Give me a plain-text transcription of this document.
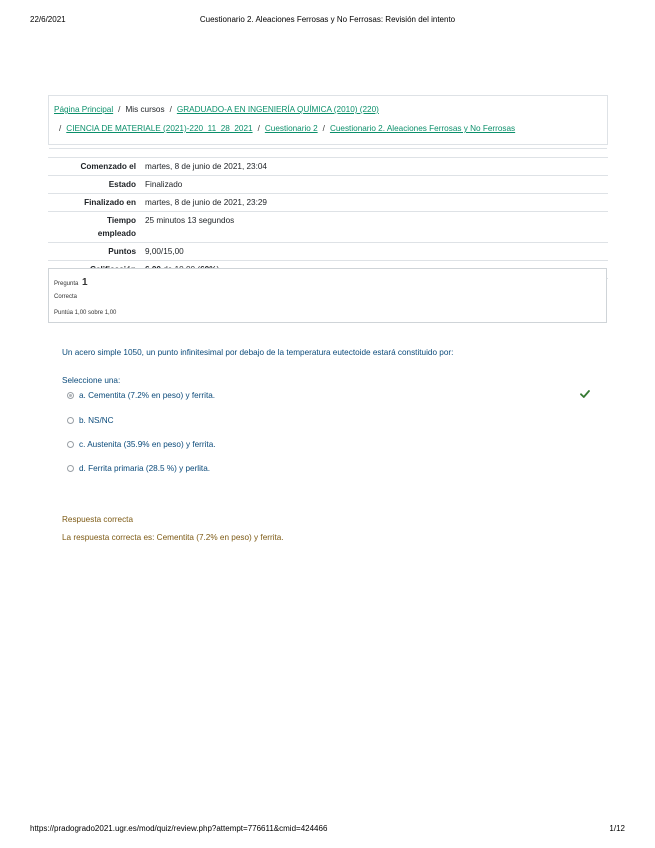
22/6/2021	Cuestionario 2. Aleaciones Ferrosas y No Ferrosas: Revisión del intento
Página Principal / Mis cursos / GRADUADO-A EN INGENIERÍA QUÍMICA (2010) (220)
/ CIENCIA DE MATERIALE (2021)-220_11_28_2021 / Cuestionario 2 / Cuestionario 2. Aleaciones Ferrosas y No Ferrosas
Comenzado el	martes, 8 de junio de 2021, 23:04
Estado	Finalizado
Finalizado en	martes, 8 de junio de 2021, 23:29
Tiempo
empleado	25 minutos 13 segundos
Puntos	9,00/15,00

Pregunta 1
Correcta
Puntúa 1,00 sobre 1,00
Un acero simple 1050, un punto infinitesimal por debajo de la temperatura eutectoide estará constituido por:
Seleccione una:
a. Cementita (7.2% en peso) y ferrita.
b. NS/NC
c. Austenita (35.9% en peso) y ferrita.
d. Ferrita primaria (28.5 %) y perlita.
Respuesta correcta
La respuesta correcta es: Cementita (7.2% en peso) y ferrita.
https://pradogrado2021.ugr.es/mod/quiz/review.php?attempt=776611&cmid=424466	1/12
